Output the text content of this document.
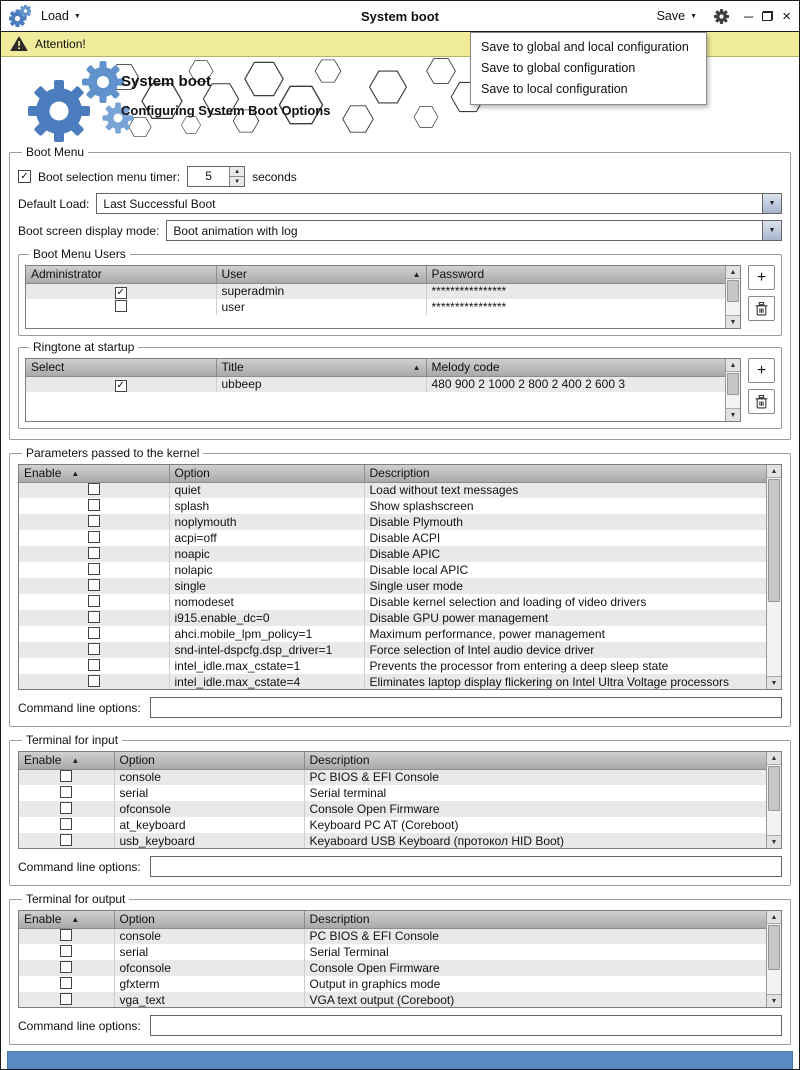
Load ▼	System boot	Save ▼	─ ×
Attention!	Save to global and local configuration
Save to global configuration
Save to local configuration
System boot
Configuring System Boot Options
Boot Menu
✓ Boot selection menu timer:	5	▲
▼	seconds
Default Load:	Last Successful Boot	▼
Boot screen display mode:	Boot animation with log	▼
Boot Menu Users
Administrator	User ▲	Password
✓	superadmin	****************
	user	****************
▲
▼
+
Ringtone at startup
Select	Title ▲	Melody code
✓	ubbeep	480 900 2 1000 2 800 2 400 2 600 3
▲
▼
+
Parameters passed to the kernel
Enable ▲	Option	Description
	quiet	Load without text messages
	splash	Show splashscreen
	noplymouth	Disable Plymouth
	acpi=off	Disable ACPI
	noapic	Disable APIC
	nolapic	Disable local APIC
	single	Single user mode
	nomodeset	Disable kernel selection and loading of video drivers
	i915.enable_dc=0	Disable GPU power management
	ahci.mobile_lpm_policy=1	Maximum performance, power management
	snd-intel-dspcfg.dsp_driver=1	Force selection of Intel audio device driver
	intel_idle.max_cstate=1	Prevents the processor from entering a deep sleep state
	intel_idle.max_cstate=4	Eliminates laptop display flickering on Intel Ultra Voltage processors
▲
▼
Command line options:
Terminal for input
Enable ▲	Option	Description
	console	PC BIOS & EFI Console
	serial	Serial terminal
	ofconsole	Console Open Firmware
	at_keyboard	Keyboard PC AT (Coreboot)
	usb_keyboard	Keyaboard USB Keyboard (протокол HID Boot)
▲
▼
Command line options:
Terminal for output
Enable ▲	Option	Description
	console	PC BIOS & EFI Console
	serial	Serial Terminal
	ofconsole	Console Open Firmware
	gfxterm	Output in graphics mode
	vga_text	VGA text output (Coreboot)
▲
▼
Command line options:
